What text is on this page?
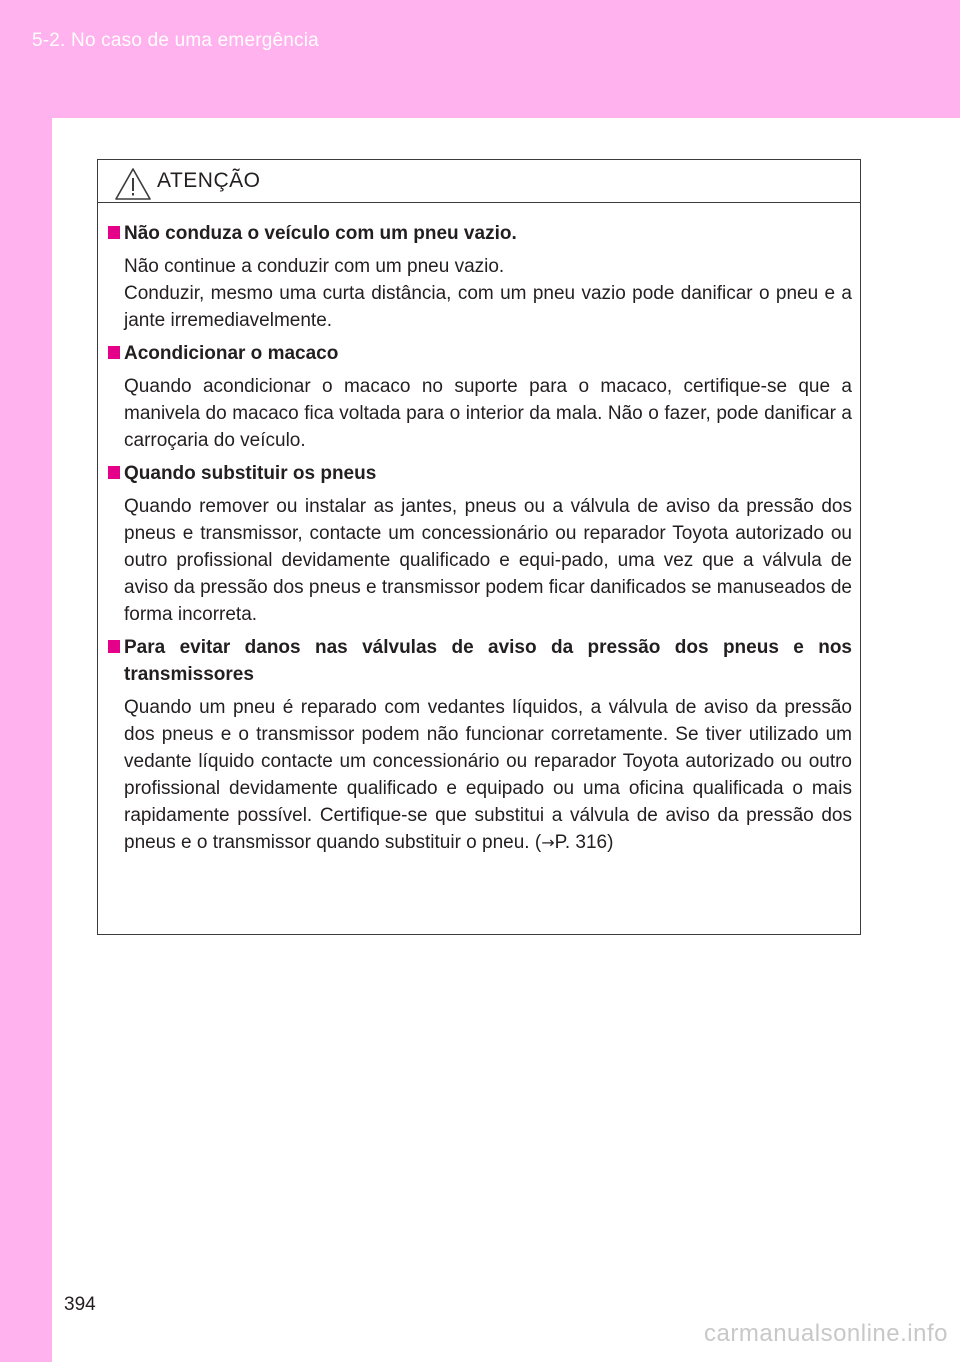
5-2. No caso de uma emergência
ATENÇÃO
Não conduza o veículo com um pneu vazio.

Não continue a conduzir com um pneu vazio.

Conduzir, mesmo uma curta distância, com um pneu vazio pode danificar o pneu e a jante irremediavelmente.

Acondicionar o macaco

Quando acondicionar o macaco no suporte para o macaco, certifique-se que a manivela do macaco fica voltada para o interior da mala. Não o fazer, pode danificar a carroçaria do veículo.

Quando substituir os pneus

Quando remover ou instalar as jantes, pneus ou a válvula de aviso da pressão dos pneus e transmissor, contacte um concessionário ou reparador Toyota autorizado ou outro profissional devidamente qualificado e equi-pado, uma vez que a válvula de aviso da pressão dos pneus e transmissor podem ficar danificados se manuseados de forma incorreta.

Para evitar danos nas válvulas de aviso da pressão dos pneus e nos transmissores

Quando um pneu é reparado com vedantes líquidos, a válvula de aviso da pressão dos pneus e o transmissor podem não funcionar corretamente. Se tiver utilizado um vedante líquido contacte um concessionário ou reparador Toyota autorizado ou outro profissional devidamente qualificado e equipado ou uma oficina qualificada o mais rapidamente possível. Certifique-se que substitui a válvula de aviso da pressão dos pneus e o transmissor quando substituir o pneu. (→P. 316)

394
carmanualsonline.info
